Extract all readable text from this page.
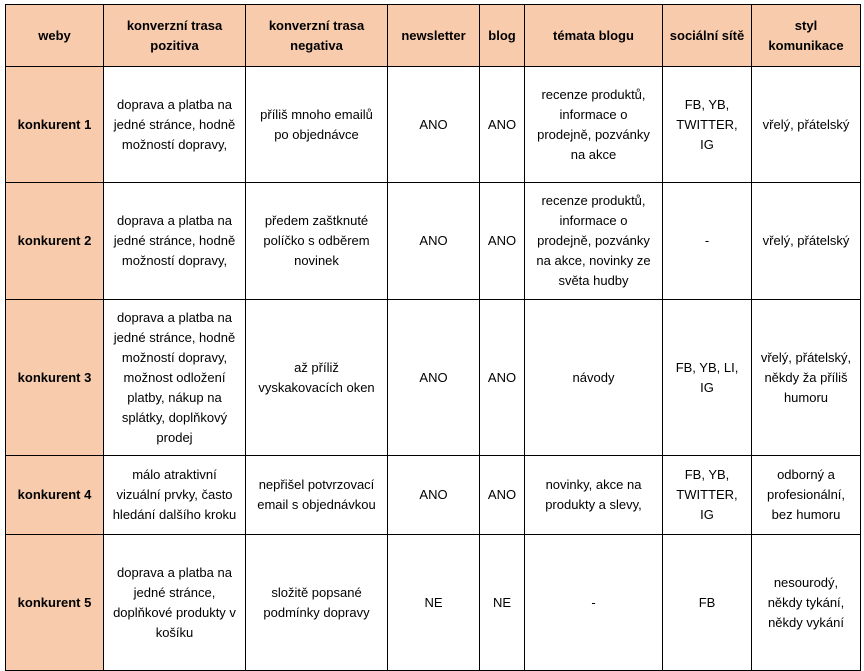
weby	konverzní trasa pozitiva	konverzní trasa negativa	newsletter	blog	témata blogu	sociální sítě	styl komunikace
konkurent 1	doprava a platba na jedné stránce, hodně možností dopravy,	příliš mnoho emailů po objednávce	ANO	ANO	recenze produktů, informace o prodejně, pozvánky na akce	FB, YB, TWITTER, IG	vřelý, přátelský
konkurent 2	doprava a platba na jedné stránce, hodně možností dopravy,	předem zaštknuté políčko s odběrem novinek	ANO	ANO	recenze produktů, informace o prodejně, pozvánky na akce, novinky ze světa hudby	-	vřelý, přátelský
konkurent 3	doprava a platba na jedné stránce, hodně možností dopravy, možnost odložení platby, nákup na splátky, doplňkový prodej	až příliž vyskakovacích oken	ANO	ANO	návody	FB, YB, LI, IG	vřelý, přátelský, někdy ža příliš humoru
konkurent 4	málo atraktivní vizuální prvky, často hledání dalšího kroku	nepřišel potvrzovací email s objednávkou	ANO	ANO	novinky, akce na produkty a slevy,	FB, YB, TWITTER, IG	odborný a profesionální, bez humoru
konkurent 5	doprava a platba na jedné stránce, doplňkové produkty v košíku	složitě popsané podmínky dopravy	NE	NE	-	FB	nesourodý, někdy tykání, někdy vykání
